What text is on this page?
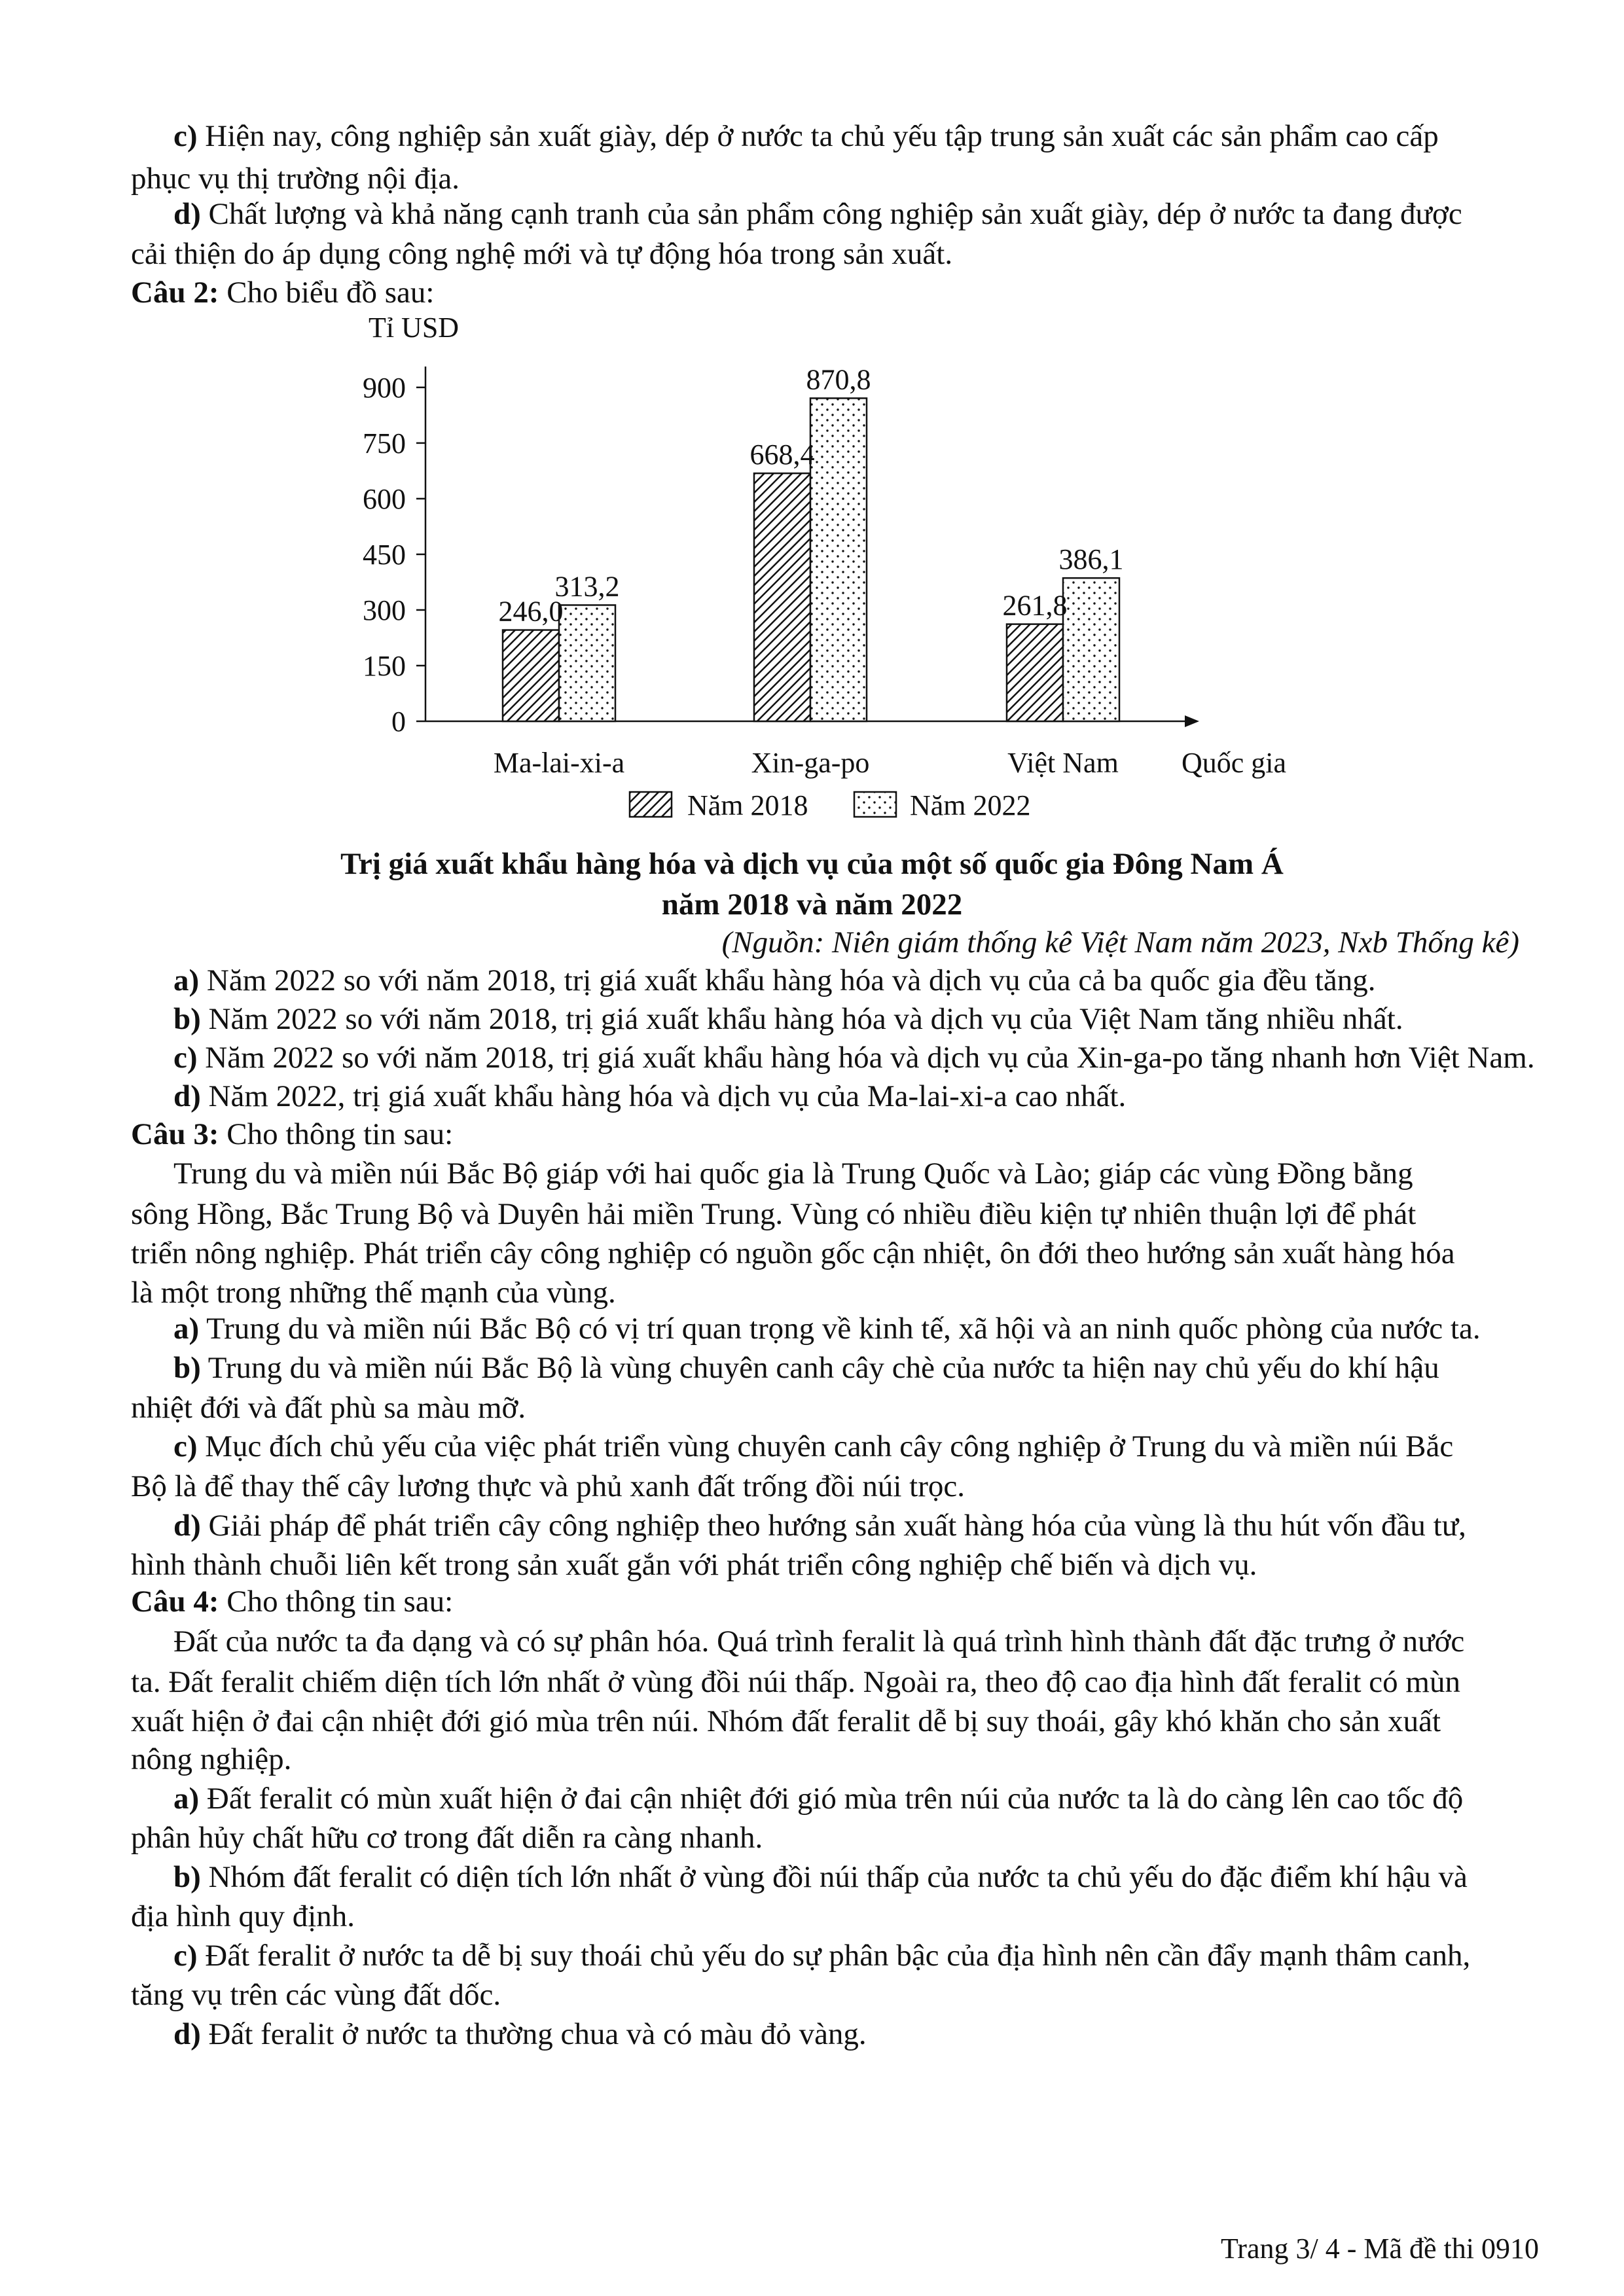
c) Hiện nay, công nghiệp sản xuất giày, dép ở nước ta chủ yếu tập trung sản xuất các sản phẩm cao cấp
phục vụ thị trường nội địa.
d) Chất lượng và khả năng cạnh tranh của sản phẩm công nghiệp sản xuất giày, dép ở nước ta đang được
cải thiện do áp dụng công nghệ mới và tự động hóa trong sản xuất.
Câu 2: Cho biểu đồ sau:
0
150
300
450
600
750
900
Tỉ USD
Quốc gia
246,0
313,2
Ma-lai-xi-a
668,4
870,8
Xin-ga-po
261,8
386,1
Việt Nam
Năm 2018	Năm 2022
Trị giá xuất khẩu hàng hóa và dịch vụ của một số quốc gia Đông Nam Á
năm 2018 và năm 2022
(Nguồn: Niên giám thống kê Việt Nam năm 2023, Nxb Thống kê)
a) Năm 2022 so với năm 2018, trị giá xuất khẩu hàng hóa và dịch vụ của cả ba quốc gia đều tăng.
b) Năm 2022 so với năm 2018, trị giá xuất khẩu hàng hóa và dịch vụ của Việt Nam tăng nhiều nhất.
c) Năm 2022 so với năm 2018, trị giá xuất khẩu hàng hóa và dịch vụ của Xin-ga-po tăng nhanh hơn Việt Nam.
d) Năm 2022, trị giá xuất khẩu hàng hóa và dịch vụ của Ma-lai-xi-a cao nhất.
Câu 3: Cho thông tin sau:
Trung du và miền núi Bắc Bộ giáp với hai quốc gia là Trung Quốc và Lào; giáp các vùng Đồng bằng
sông Hồng, Bắc Trung Bộ và Duyên hải miền Trung. Vùng có nhiều điều kiện tự nhiên thuận lợi để phát
triển nông nghiệp. Phát triển cây công nghiệp có nguồn gốc cận nhiệt, ôn đới theo hướng sản xuất hàng hóa
là một trong những thế mạnh của vùng.
a) Trung du và miền núi Bắc Bộ có vị trí quan trọng về kinh tế, xã hội và an ninh quốc phòng của nước ta.
b) Trung du và miền núi Bắc Bộ là vùng chuyên canh cây chè của nước ta hiện nay chủ yếu do khí hậu
nhiệt đới và đất phù sa màu mỡ.
c) Mục đích chủ yếu của việc phát triển vùng chuyên canh cây công nghiệp ở Trung du và miền núi Bắc
Bộ là để thay thế cây lương thực và phủ xanh đất trống đồi núi trọc.
d) Giải pháp để phát triển cây công nghiệp theo hướng sản xuất hàng hóa của vùng là thu hút vốn đầu tư,
hình thành chuỗi liên kết trong sản xuất gắn với phát triển công nghiệp chế biến và dịch vụ.
Câu 4: Cho thông tin sau:
Đất của nước ta đa dạng và có sự phân hóa. Quá trình feralit là quá trình hình thành đất đặc trưng ở nước
ta. Đất feralit chiếm diện tích lớn nhất ở vùng đồi núi thấp. Ngoài ra, theo độ cao địa hình đất feralit có mùn
xuất hiện ở đai cận nhiệt đới gió mùa trên núi. Nhóm đất feralit dễ bị suy thoái, gây khó khăn cho sản xuất
nông nghiệp.
a) Đất feralit có mùn xuất hiện ở đai cận nhiệt đới gió mùa trên núi của nước ta là do càng lên cao tốc độ
phân hủy chất hữu cơ trong đất diễn ra càng nhanh.
b) Nhóm đất feralit có diện tích lớn nhất ở vùng đồi núi thấp của nước ta chủ yếu do đặc điểm khí hậu và
địa hình quy định.
c) Đất feralit ở nước ta dễ bị suy thoái chủ yếu do sự phân bậc của địa hình nên cần đẩy mạnh thâm canh,
tăng vụ trên các vùng đất dốc.
d) Đất feralit ở nước ta thường chua và có màu đỏ vàng.
Trang 3/ 4 - Mã đề thi 0910
